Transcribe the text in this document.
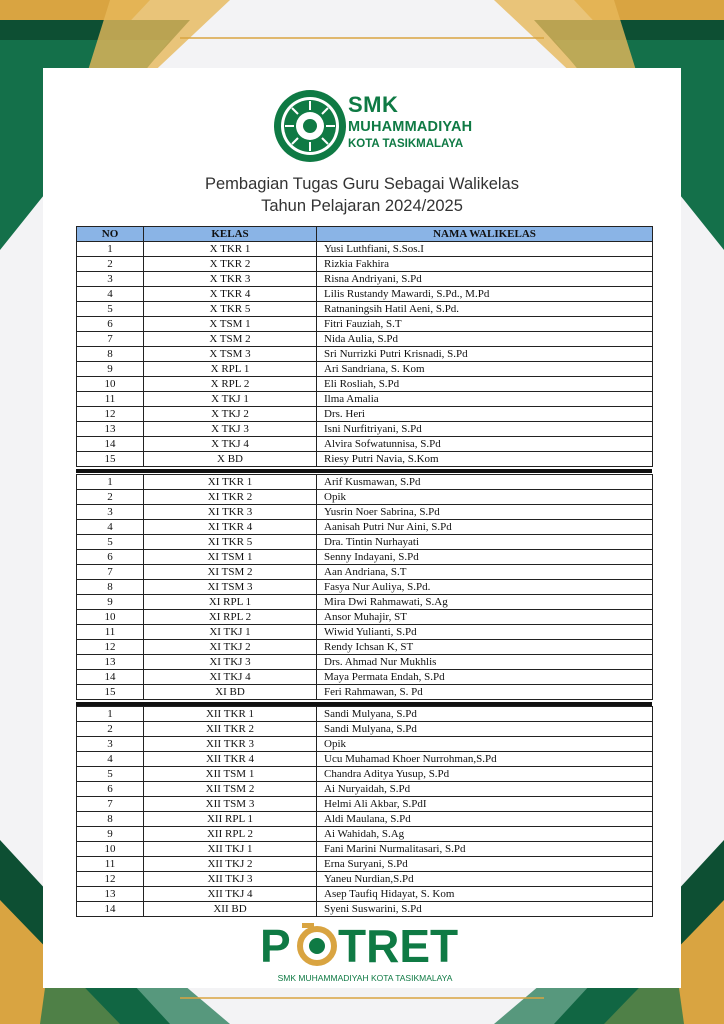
SMK
MUHAMMADIYAH
KOTA TASIKMALAYA
Pembagian Tugas Guru Sebagai Walikelas
Tahun Pelajaran 2024/2025
NO	KELAS	NAMA WALIKELAS
1	X TKR 1	Yusi Luthfiani, S.Sos.I
2	X TKR 2	Rizkia Fakhira
3	X TKR 3	Risna Andriyani, S.Pd
4	X TKR 4	Lilis Rustandy Mawardi, S.Pd., M.Pd
5	X TKR 5	Ratnaningsih Hatil Aeni, S.Pd.
6	X TSM 1	Fitri Fauziah, S.T
7	X TSM 2	Nida Aulia, S.Pd
8	X TSM 3	Sri Nurrizki Putri Krisnadi, S.Pd
9	X RPL 1	Ari Sandriana, S. Kom
10	X RPL 2	Eli Rosliah, S.Pd
11	X TKJ 1	Ilma Amalia
12	X TKJ 2	Drs. Heri
13	X TKJ 3	Isni Nurfitriyani, S.Pd
14	X TKJ 4	Alvira Sofwatunnisa, S.Pd
15	X BD	Riesy Putri Navia, S.Kom
1	XI TKR 1	Arif Kusmawan, S.Pd
2	XI TKR 2	Opik
3	XI TKR 3	Yusrin Noer Sabrina, S.Pd
4	XI TKR 4	Aanisah Putri Nur Aini, S.Pd
5	XI TKR 5	Dra. Tintin Nurhayati
6	XI TSM 1	Senny Indayani, S.Pd
7	XI TSM 2	Aan Andriana, S.T
8	XI TSM 3	Fasya Nur Auliya, S.Pd.
9	XI RPL 1	Mira Dwi Rahmawati, S.Ag
10	XI RPL 2	Ansor Muhajir, ST
11	XI TKJ 1	Wiwid Yulianti, S.Pd
12	XI TKJ 2	Rendy Ichsan K, ST
13	XI TKJ 3	Drs. Ahmad Nur Mukhlis
14	XI TKJ 4	Maya Permata Endah, S.Pd
15	XI BD	Feri Rahmawan, S. Pd
1	XII TKR 1	Sandi Mulyana, S.Pd
2	XII TKR 2	Sandi Mulyana, S.Pd
3	XII TKR 3	Opik
4	XII TKR 4	Ucu Muhamad Khoer Nurrohman,S.Pd
5	XII TSM 1	Chandra Aditya Yusup, S.Pd
6	XII TSM 2	Ai Nuryaidah, S.Pd
7	XII TSM 3	Helmi Ali Akbar, S.PdI
8	XII RPL 1	Aldi Maulana, S.Pd
9	XII RPL 2	Ai Wahidah, S.Ag
10	XII TKJ 1	Fani Marini Nurmalitasari, S.Pd
11	XII TKJ 2	Erna Suryani, S.Pd
12	XII TKJ 3	Yaneu Nurdian,S.Pd
13	XII TKJ 4	Asep Taufiq Hidayat, S. Kom
14	XII BD	Syeni Suswarini, S.Pd
P TRET
SMK MUHAMMADIYAH KOTA TASIKMALAYA
